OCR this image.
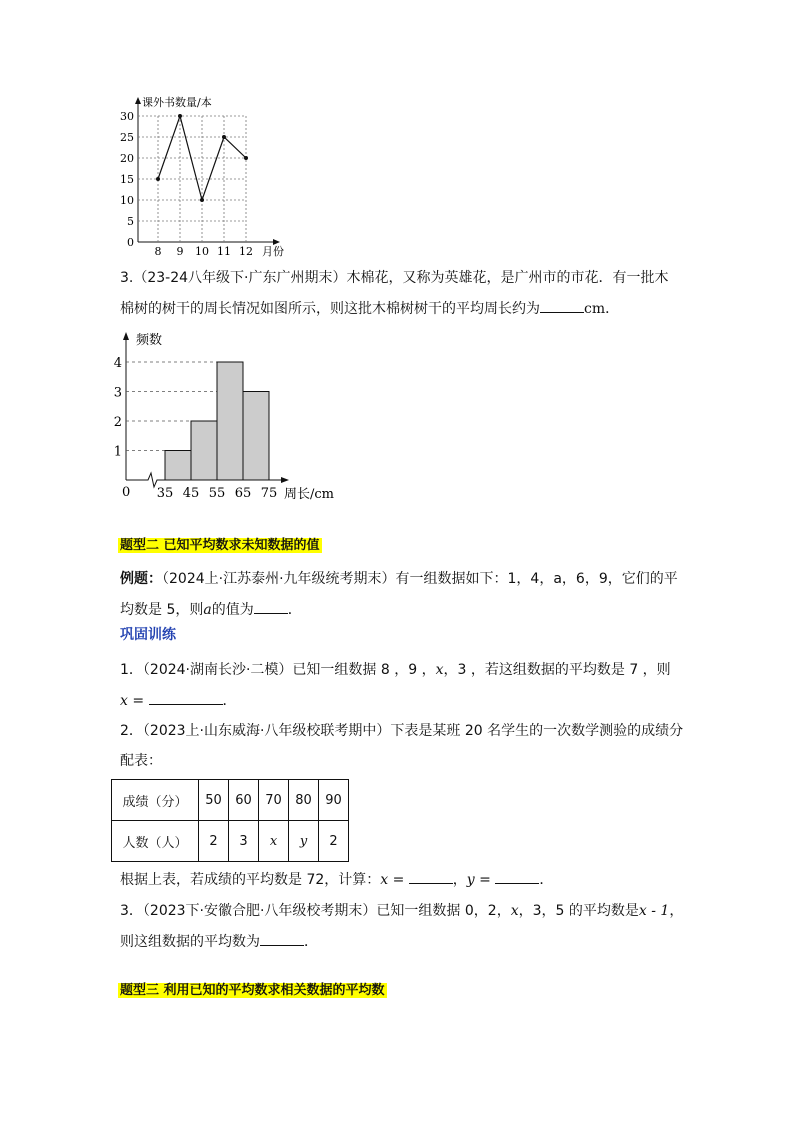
0
5
10
15
20
25
30
8 9 10 11 12
课外书数量/本
月份
3.（23-24八年级下·广东广州期末）木棉花，又称为英雄花，是广州市的市花．有一批木
棉树的树干的周长情况如图所示，则这批木棉树树干的平均周长约为	cm．
1
2
3
4
35 45 55 65 75
频数
周长/cm
0
题型二 已知平均数求未知数据的值
例题：（2024上·江苏泰州·九年级统考期末）有一组数据如下：1，4，a，6，9，它们的平
均数是 5，则a的值为 ．
巩固训练
1．（2024·湖南长沙·二模）已知一组数据 8 ，9 ，x，3 ，若这组数据的平均数是 7 ，则
x =	．
2．（2023上·山东威海·八年级校联考期中）下表是某班 20 名学生的一次数学测验的成绩分
配表：
成绩（分）	50	60	70	80	90
人数（人）	2	3	x	y	2
根据上表，若成绩的平均数是 72，计算：x =	，y =	．
3．（2023下·安徽合肥·八年级校考期末）已知一组数据 0，2，x，3，5 的平均数是x - 1，
则这组数据的平均数为	．
题型三 利用已知的平均数求相关数据的平均数
